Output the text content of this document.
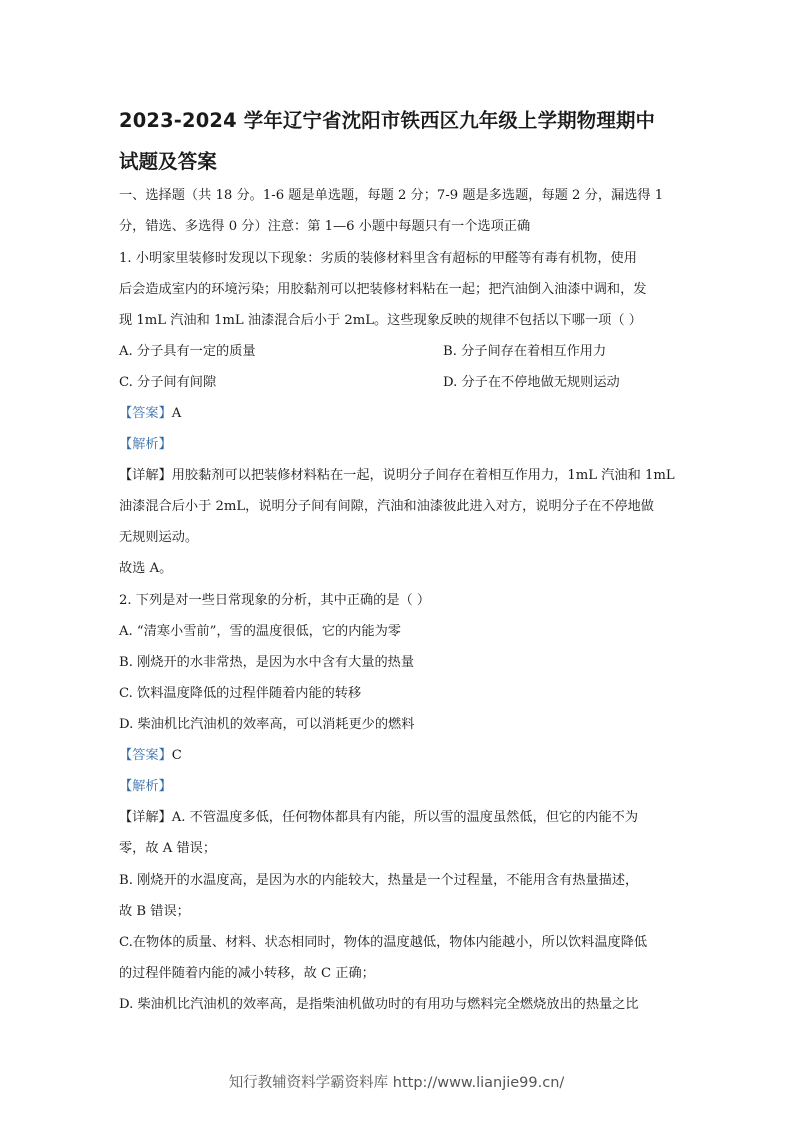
2023-2024 学年辽宁省沈阳市铁西区九年级上学期物理期中
试题及答案
一、选择题（共 18 分。1-6 题是单选题，每题 2 分；7-9 题是多选题，每题 2 分，漏选得 1
分，错选、多选得 0 分）注意：第 1—6 小题中每题只有一个选项正确
1. 小明家里装修时发现以下现象：劣质的装修材料里含有超标的甲醛等有毒有机物，使用
后会造成室内的环境污染；用胶黏剂可以把装修材料粘在一起；把汽油倒入油漆中调和，发
现 1mL 汽油和 1mL 油漆混合后小于 2mL。这些现象反映的规律不包括以下哪一项（ ）
A. 分子具有一定的质量	B. 分子间存在着相互作用力
C. 分子间有间隙	D. 分子在不停地做无规则运动
【答案】A
【解析】
【详解】用胶黏剂可以把装修材料粘在一起，说明分子间存在着相互作用力，1mL 汽油和 1mL
油漆混合后小于 2mL，说明分子间有间隙，汽油和油漆彼此进入对方，说明分子在不停地做
无规则运动。
故选 A。
2. 下列是对一些日常现象的分析，其中正确的是（ ）
A. “清寒小雪前”，雪的温度很低，它的内能为零
B. 刚烧开的水非常热，是因为水中含有大量的热量
C. 饮料温度降低的过程伴随着内能的转移
D. 柴油机比汽油机的效率高，可以消耗更少的燃料
【答案】C
【解析】
【详解】A. 不管温度多低，任何物体都具有内能，所以雪的温度虽然低，但它的内能不为
零，故 A 错误；
B. 刚烧开的水温度高，是因为水的内能较大，热量是一个过程量，不能用含有热量描述，
故 B 错误；
C.在物体的质量、材料、状态相同时，物体的温度越低，物体内能越小，所以饮料温度降低
的过程伴随着内能的减小转移，故 C 正确；
D. 柴油机比汽油机的效率高，是指柴油机做功时的有用功与燃料完全燃烧放出的热量之比
知行教辅资料学霸资料库 http://www.lianjie99.cn/
